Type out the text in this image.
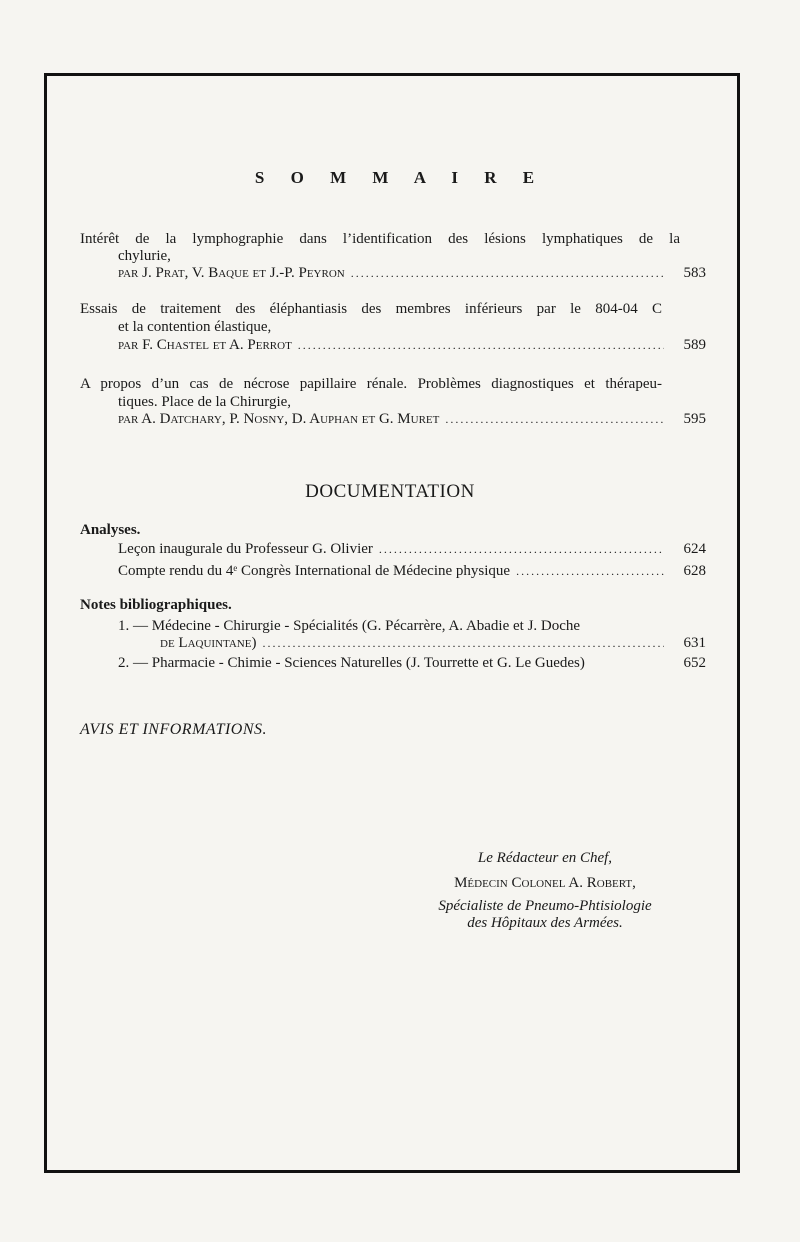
S O M M A I R E
Intérêt de la lymphographie dans l’identification des lésions lymphatiques de la
chylurie,
par J. Prat, V. Baque et J.-P. Peyron .....	583
Essais de traitement des éléphantiasis des membres inférieurs par le 804-04 C
et la contention élastique,
par F. Chastel et A. Perrot .....	589
A propos d’un cas de nécrose papillaire rénale. Problèmes diagnostiques et thérapeu-
tiques. Place de la Chirurgie,
par A. Datchary, P. Nosny, D. Auphan et G. Muret .....	595
DOCUMENTATION
Analyses.
Leçon inaugurale du Professeur G. Olivier .....	624
Compte rendu du 4ᵉ Congrès International de Médecine physique .....	628
Notes bibliographiques.
1. — Médecine - Chirurgie - Spécialités (G. Pécarrère, A. Abadie et J. Doche
de Laquintane) .....	631
2. — Pharmacie - Chimie - Sciences Naturelles (J. Tourrette et G. Le Guedes)	652
AVIS ET INFORMATIONS.
Le Rédacteur en Chef,
Médecin Colonel A. Robert,
Spécialiste de Pneumo-Phtisiologie
des Hôpitaux des Armées.
